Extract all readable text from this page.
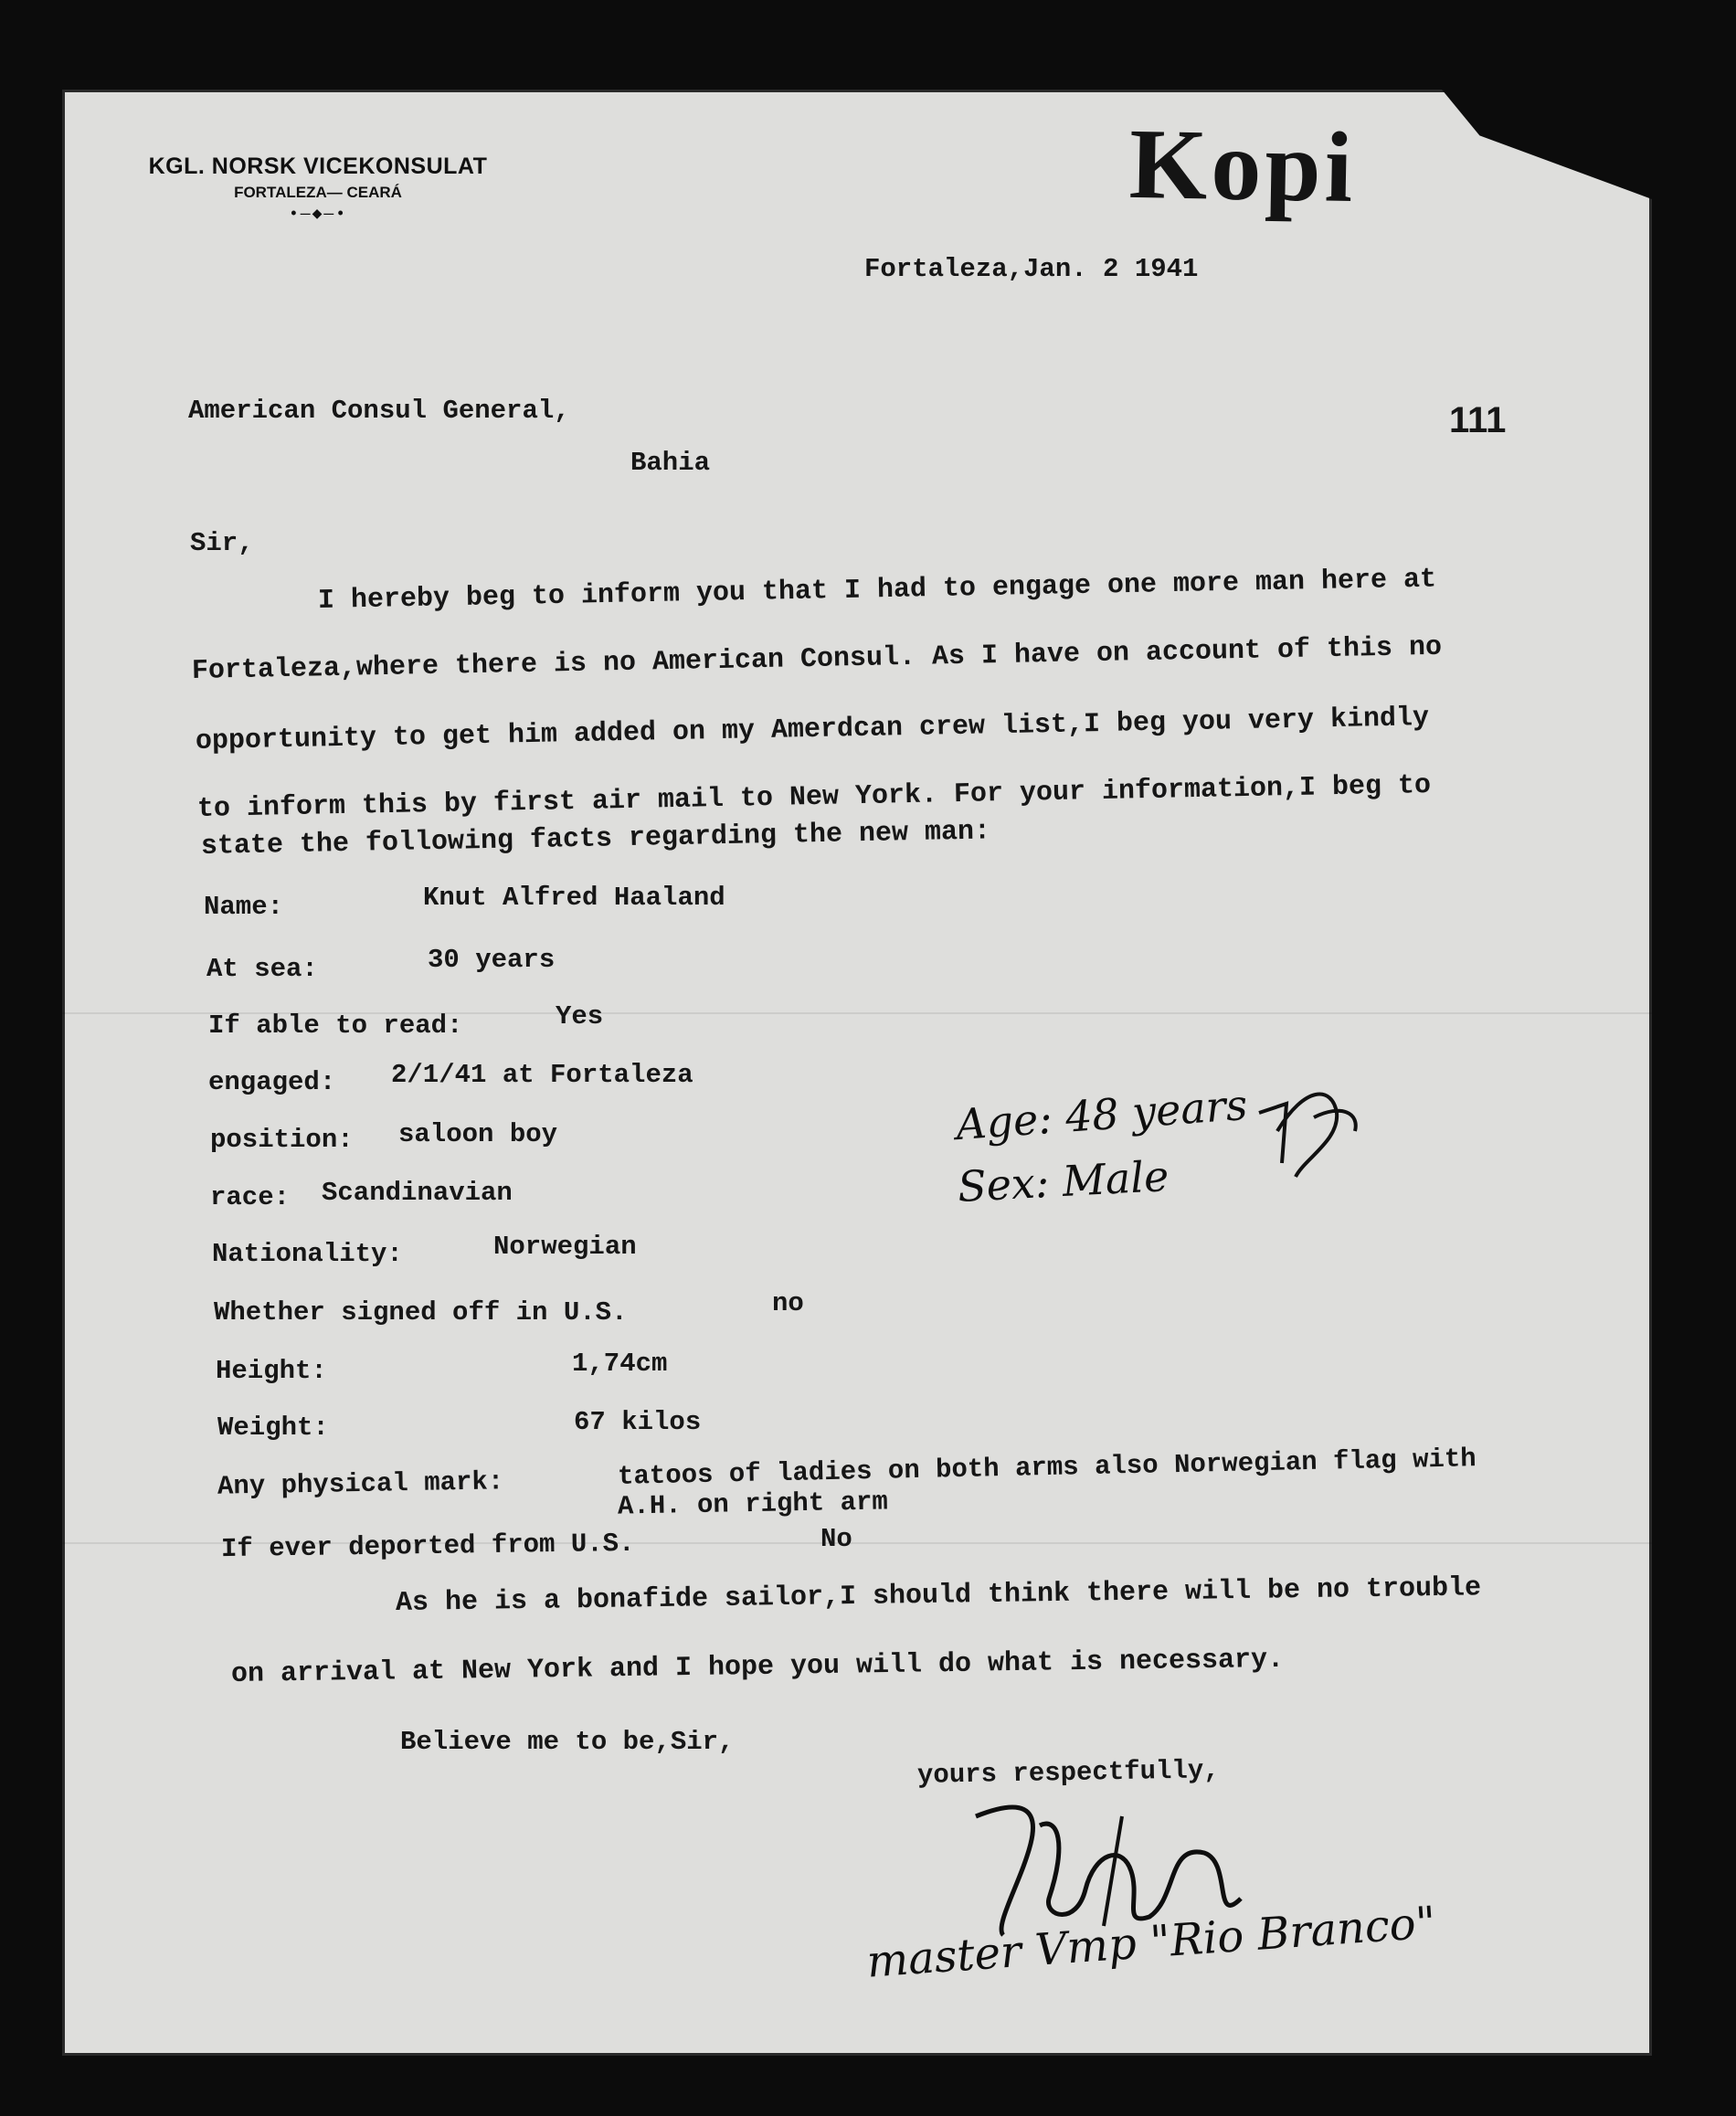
KGL. NORSK VICEKONSULAT
FORTALEZA— CEARÁ
•—◆—•	Kopi
Fortaleza,Jan. 2 1941
111
American Consul General,
Bahia
Sir,
I hereby beg to inform you that I had to engage one more man here at
Fortaleza,where there is no American Consul. As I have on account of this no
opportunity to get him added on my Amerdcan crew list,I beg you very kindly
to inform this by first air mail to New York. For your information,I beg to
state the following facts regarding the new man:
Name:	Knut Alfred Haaland
At sea:	30 years
If able to read:	Yes
engaged: 2/1/41 at Fortaleza
position: saloon boy
race: Scandinavian
Nationality:	Norwegian
Whether signed off in U.S.	no
Height:	1,74cm
Weight:	67 kilos
Any physical mark:	tatoos of ladies on both arms also Norwegian flag with
A.H. on right arm
If ever deported from U.S.	No
Age: 48 years
Sex: Male
As he is a bonafide sailor,I should think there will be no trouble
on arrival at New York and I hope you will do what is necessary.
Believe me to be,Sir,
yours respectfully,
master Vmp "Rio Branco"
